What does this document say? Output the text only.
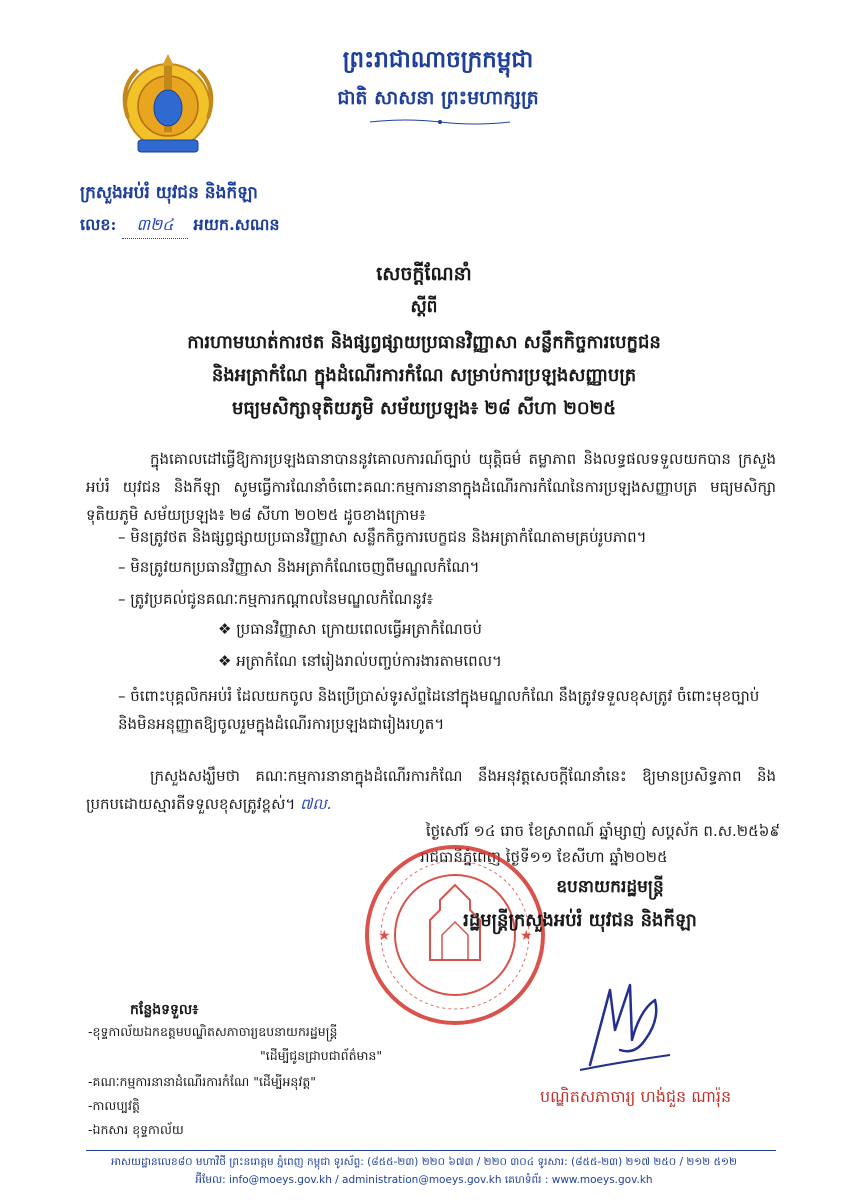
ព្រះរាជាណាចក្រកម្ពុជា
ជាតិ សាសនា ព្រះមហាក្សត្រ
ក្រសួងអប់រំ យុវជន និងកីឡា
លេខ: ៣២៤ អយក.សណន
សេចក្តីណែនាំ
ស្តីពី
ការហាមឃាត់ការថត និងផ្សព្វផ្សាយប្រធានវិញ្ញាសា សន្លឹកកិច្ចការបេក្ខជន
និងអត្រាកំណែ ក្នុងដំណើរការកំណែ សម្រាប់ការប្រឡងសញ្ញាបត្រ
មធ្យមសិក្សាទុតិយភូមិ សម័យប្រឡង៖ ២៨ សីហា ២០២៥
ក្នុងគោលដៅធ្វើឱ្យការប្រឡងធានាបាននូវគោលការណ៍ច្បាប់ យុត្តិធម៌ តម្លាភាព និងលទ្ធផលទទួលយកបាន ក្រសួងអប់រំ យុវជន និងកីឡា សូមធ្វើការណែនាំចំពោះគណៈកម្មការនានាក្នុងដំណើរការកំណែនៃការប្រឡងសញ្ញាបត្រ មធ្យមសិក្សាទុតិយភូមិ សម័យប្រឡង៖ ២៨ សីហា ២០២៥ ដូចខាងក្រោម៖
– មិនត្រូវថត និងផ្សព្វផ្សាយប្រធានវិញ្ញាសា សន្លឹកកិច្ចការបេក្ខជន និងអត្រាកំណែតាមគ្រប់រូបភាព។
– មិនត្រូវយកប្រធានវិញ្ញាសា និងអត្រាកំណែចេញពីមណ្ឌលកំណែ។
– ត្រូវប្រគល់ជូនគណៈកម្មការកណ្តាលនៃមណ្ឌលកំណែនូវ៖
❖ ប្រធានវិញ្ញាសា ក្រោយពេលធ្វើអត្រាកំណែចប់
❖ អត្រាកំណែ នៅរៀងរាល់បញ្ចប់ការងារតាមពេល។
– ចំពោះបុគ្គលិកអប់រំ ដែលយកចូល និងប្រើប្រាស់ទូរស័ព្ទដៃនៅក្នុងមណ្ឌលកំណែ នឹងត្រូវទទួលខុសត្រូវ ចំពោះមុខច្បាប់ និងមិនអនុញ្ញាតឱ្យចូលរួមក្នុងដំណើរការប្រឡងជារៀងរហូត។
ក្រសួងសង្ឃឹមថា គណៈកម្មការនានាក្នុងដំណើរការកំណែ នឹងអនុវត្តសេចក្តីណែនាំនេះ ឱ្យមានប្រសិទ្ធភាព និងប្រកបដោយស្មារតីទទួលខុសត្រូវខ្ពស់។ ៧ល.
ថ្ងៃសៅរ៍ ១៤ រោច ខែស្រាពណ៍ ឆ្នាំម្សាញ់ សប្តស័ក ព.ស.២៥៦៩
រាជធានីភ្នំពេញ ថ្ងៃទី១១ ខែសីហា ឆ្នាំ២០២៥
★	★
ឧបនាយករដ្ឋមន្ត្រី
រដ្ឋមន្ត្រីក្រសួងអប់រំ យុវជន និងកីឡា
បណ្ឌិតសភាចារ្យ ហង់ជួន ណារ៉ុន
កន្លែងទទួល៖
-ខុទ្ទកាល័យឯកឧត្តមបណ្ឌិតសភាចារ្យឧបនាយករដ្ឋមន្ត្រី
"ដើម្បីជូនជ្រាបជាព័ត៌មាន"
-គណៈកម្មការនានាដំណើរការកំណែ "ដើម្បីអនុវត្ត"
-កាលប្បវត្តិ
-ឯកសារ ខុទ្ទកាល័យ
អាសយដ្ឋានលេខ៨០ មហាវិថី ព្រះនរោត្តម ភ្នំពេញ កម្ពុជា ទូរស័ព្ទ: (៨៥៥-២៣) ២២០ ៦៧៣ / ២២០ ៣០៤ ទូរសារ: (៨៥៥-២៣) ២១៧ ២៥០ / ២១២ ៥១២
អ៊ីមែល: info@moeys.gov.kh / administration@moeys.gov.kh គេហទំព័រ : www.moeys.gov.kh
